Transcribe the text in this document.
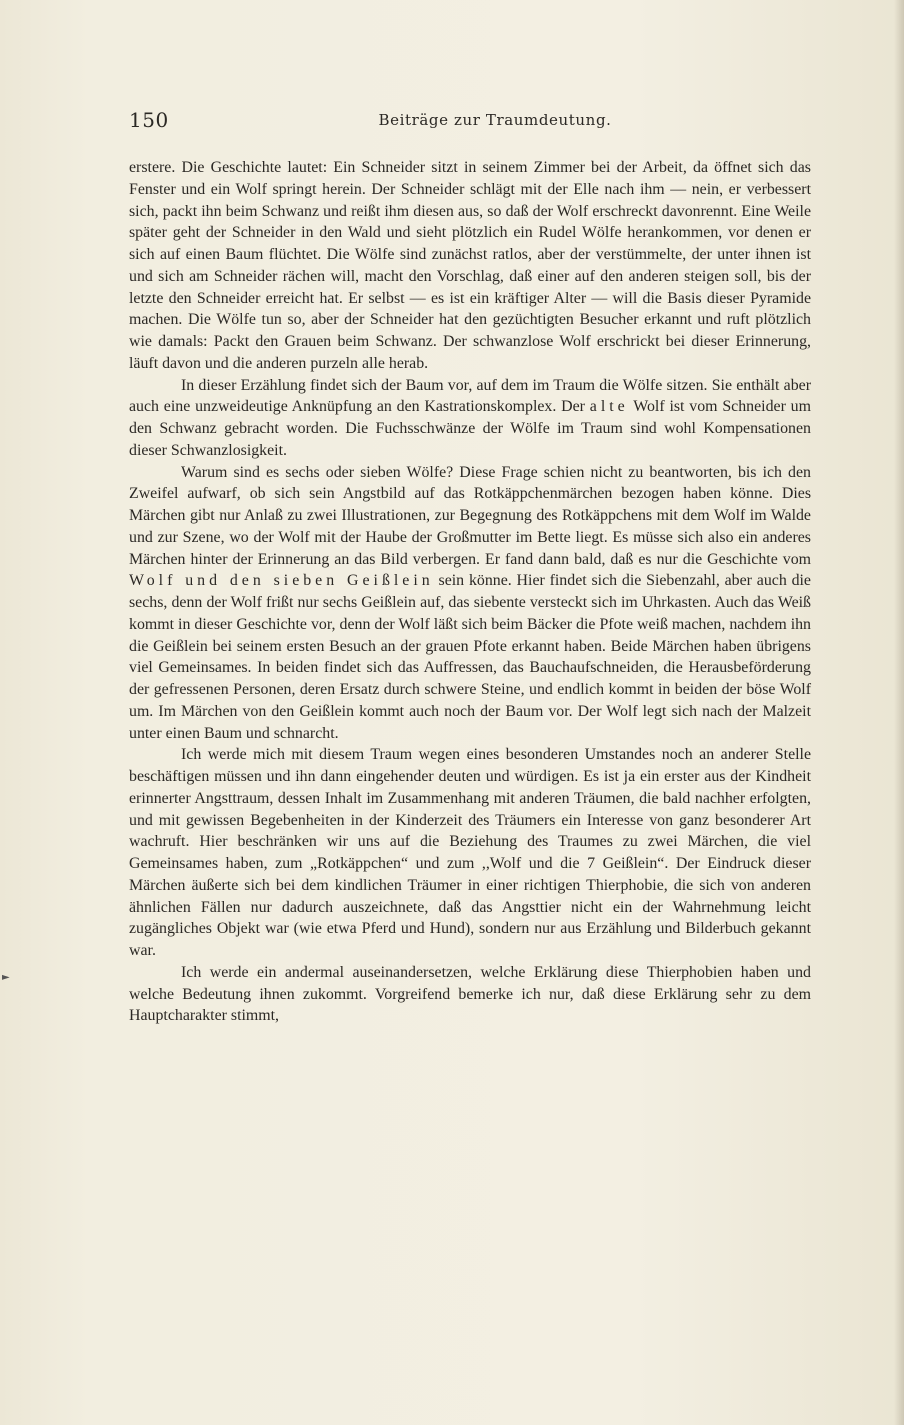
150	Beiträge zur Traumdeutung.

erstere. Die Geschichte lautet: Ein Schneider sitzt in seinem Zimmer bei der Arbeit, da öffnet sich das Fenster und ein Wolf springt herein. Der Schneider schlägt mit der Elle nach ihm — nein, er verbessert sich, packt ihn beim Schwanz und reißt ihm diesen aus, so daß der Wolf erschreckt davonrennt. Eine Weile später geht der Schneider in den Wald und sieht plötzlich ein Rudel Wölfe herankommen, vor denen er sich auf einen Baum flüchtet. Die Wölfe sind zunächst ratlos, aber der verstümmelte, der unter ihnen ist und sich am Schneider rächen will, macht den Vorschlag, daß einer auf den anderen steigen soll, bis der letzte den Schneider erreicht hat. Er selbst — es ist ein kräftiger Alter — will die Basis dieser Pyramide machen. Die Wölfe tun so, aber der Schneider hat den gezüchtigten Besucher erkannt und ruft plötzlich wie damals: Packt den Grauen beim Schwanz. Der schwanzlose Wolf erschrickt bei dieser Erinnerung, läuft davon und die anderen purzeln alle herab.

In dieser Erzählung findet sich der Baum vor, auf dem im Traum die Wölfe sitzen. Sie enthält aber auch eine unzweideutige Anknüpfung an den Kastrationskomplex. Der alte Wolf ist vom Schneider um den Schwanz gebracht worden. Die Fuchsschwänze der Wölfe im Traum sind wohl Kompensationen dieser Schwanzlosigkeit.

Warum sind es sechs oder sieben Wölfe? Diese Frage schien nicht zu beantworten, bis ich den Zweifel aufwarf, ob sich sein Angstbild auf das Rotkäppchenmärchen bezogen haben könne. Dies Märchen gibt nur Anlaß zu zwei Illustrationen, zur Begegnung des Rotkäppchens mit dem Wolf im Walde und zur Szene, wo der Wolf mit der Haube der Großmutter im Bette liegt. Es müsse sich also ein anderes Märchen hinter der Erinnerung an das Bild verbergen. Er fand dann bald, daß es nur die Geschichte vom Wolf und den sieben Geißlein sein könne. Hier findet sich die Siebenzahl, aber auch die sechs, denn der Wolf frißt nur sechs Geißlein auf, das siebente versteckt sich im Uhrkasten. Auch das Weiß kommt in dieser Geschichte vor, denn der Wolf läßt sich beim Bäcker die Pfote weiß machen, nachdem ihn die Geißlein bei seinem ersten Besuch an der grauen Pfote erkannt haben. Beide Märchen haben übrigens viel Gemeinsames. In beiden findet sich das Auffressen, das Bauchaufschneiden, die Herausbeförderung der gefressenen Personen, deren Ersatz durch schwere Steine, und endlich kommt in beiden der böse Wolf um. Im Märchen von den Geißlein kommt auch noch der Baum vor. Der Wolf legt sich nach der Malzeit unter einen Baum und schnarcht.

Ich werde mich mit diesem Traum wegen eines besonderen Umstandes noch an anderer Stelle beschäftigen müssen und ihn dann eingehender deuten und würdigen. Es ist ja ein erster aus der Kindheit erinnerter Angsttraum, dessen Inhalt im Zusammenhang mit anderen Träumen, die bald nachher erfolgten, und mit gewissen Begebenheiten in der Kinderzeit des Träumers ein Interesse von ganz besonderer Art wachruft. Hier beschränken wir uns auf die Beziehung des Traumes zu zwei Märchen, die viel Gemeinsames haben, zum „Rotkäppchen“ und zum ,,Wolf und die 7 Geißlein“. Der Eindruck dieser Märchen äußerte sich bei dem kindlichen Träumer in einer richtigen Thierphobie, die sich von anderen ähnlichen Fällen nur dadurch auszeichnete, daß das Angsttier nicht ein der Wahrnehmung leicht zugängliches Objekt war (wie etwa Pferd und Hund), sondern nur aus Erzählung und Bilderbuch gekannt war.

Ich werde ein andermal auseinandersetzen, welche Erklärung diese Thierphobien haben und welche Bedeutung ihnen zukommt. Vorgreifend bemerke ich nur, daß diese Erklärung sehr zu dem Hauptcharakter stimmt,

►
